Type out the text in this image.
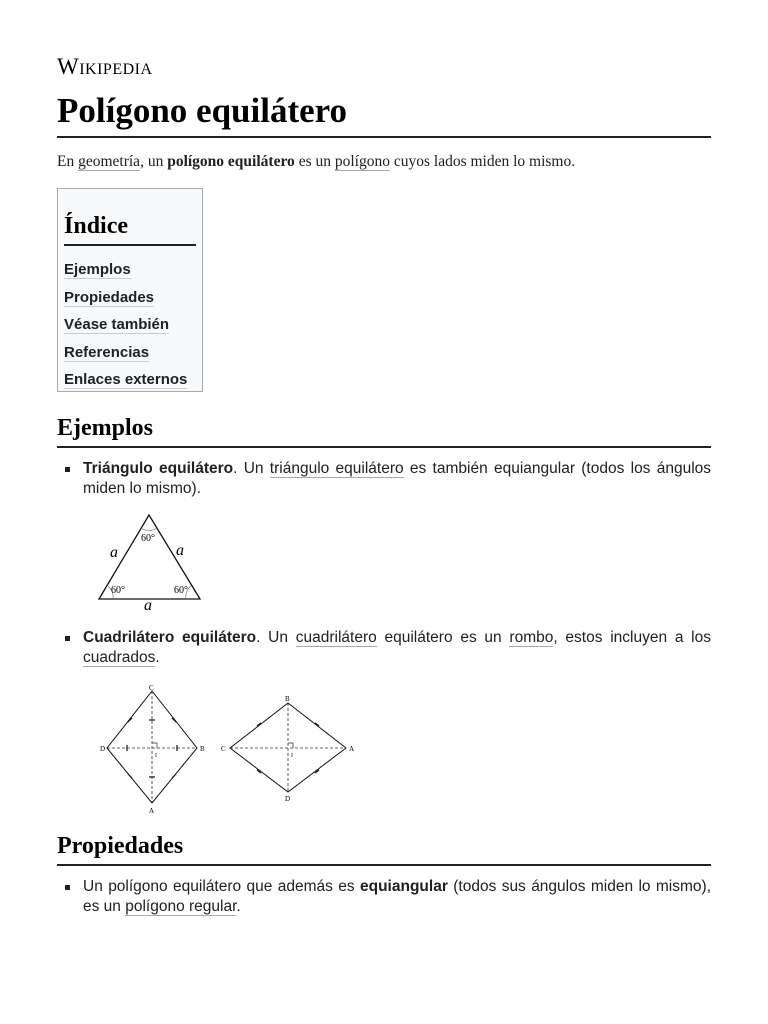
Wikipedia
Polígono equilátero

En geometría, un polígono equilátero es un polígono cuyos lados miden lo mismo.

Índice
Ejemplos
Propiedades
Véase también
Referencias
Enlaces externos
Ejemplos

Triángulo equilátero. Un triángulo equilátero es también equiangular (todos los ángulos miden lo mismo).

60°
60°	60°
a	a
a

Cuadrilátero equilátero. Un cuadrilátero equilátero es un rombo, estos incluyen a los cuadrados.

C
D	B
A
I
B
C	A
D
I
Propiedades

Un polígono equilátero que además es equiangular (todos sus ángulos miden lo mismo), es un polígono regular.
